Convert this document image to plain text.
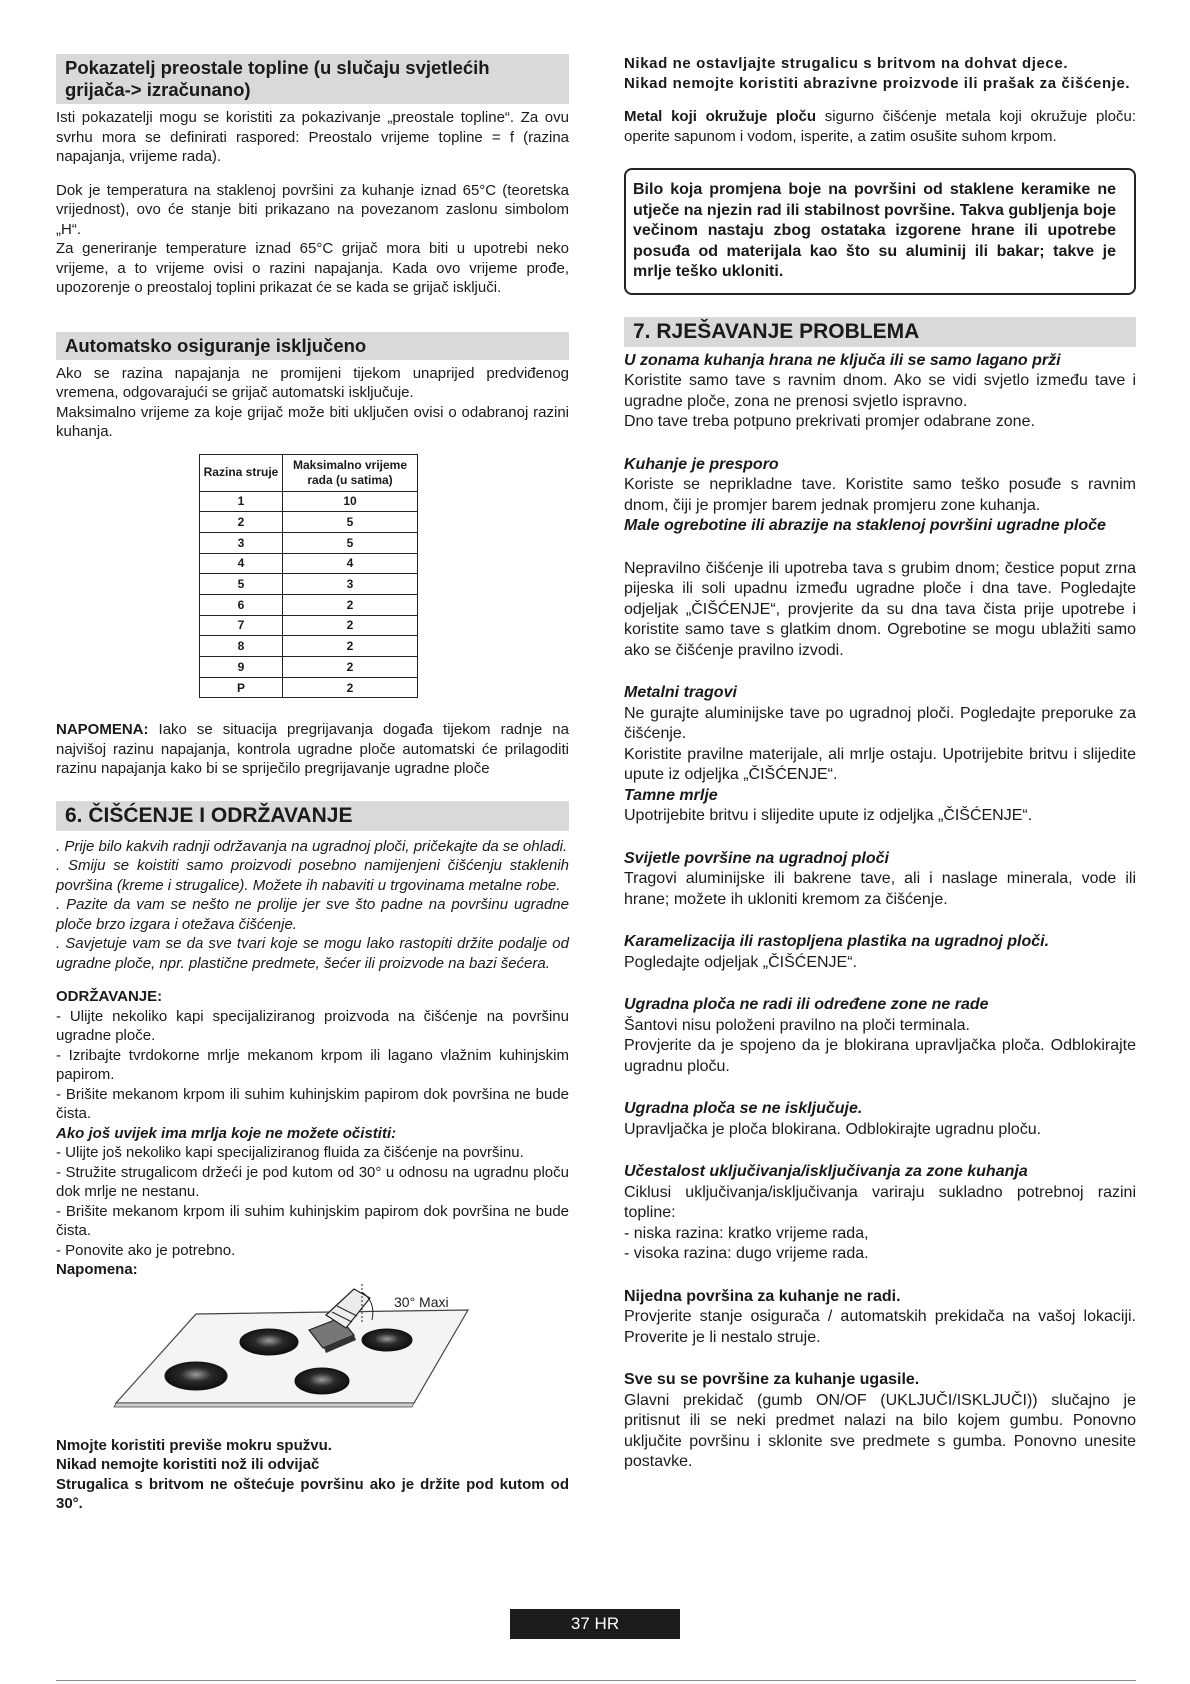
Pokazatelj preostale topline (u slučaju svjetlećih grijača-> izračunano)

Isti pokazatelji mogu se koristiti za pokazivanje „preostale topline“. Za ovu svrhu mora se definirati raspored: Preostalo vrijeme topline = f (razina napajanja, vrijeme rada).

Dok je temperatura na staklenoj površini za kuhanje iznad 65°C (teoretska vrijednost), ovo će stanje biti prikazano na povezanom zaslonu simbolom „H“.

Za generiranje temperature iznad 65°C grijač mora biti u upotrebi neko vrijeme, a to vrijeme ovisi o razini napajanja. Kada ovo vrijeme prođe, upozorenje o preostaloj toplini prikazat će se kada se grijač isključi.

Automatsko osiguranje isključeno

Ako se razina napajanja ne promijeni tijekom unaprijed predviđenog vremena, odgovarajući se grijač automatski isključuje.

Maksimalno vrijeme za koje grijač može biti uključen ovisi o odabranoj razini kuhanja.

Razina struje	Maksimalno vrijeme rada (u satima)
1	10
2	5
3	5
4	4
5	3
6	2
7	2
8	2
9	2
P	2

NAPOMENA: Iako se situacija pregrijavanja događa tijekom radnje na najvišoj razinu napajanja, kontrola ugradne ploče automatski će prilagoditi razinu napajanja kako bi se spriječilo pregrijavanje ugradne ploče

6. ČIŠĆENJE I ODRŽAVANJE
. Prije bilo kakvih radnji održavanja na ugradnoj ploči, pričekajte da se ohladi.
. Smiju se koistiti samo proizvodi posebno namijenjeni čišćenju staklenih površina (kreme i strugalice). Možete ih nabaviti u trgovinama metalne robe.
. Pazite da vam se nešto ne prolije jer sve što padne na površinu ugradne ploče brzo izgara i otežava čišćenje.
. Savjetuje vam se da sve tvari koje se mogu lako rastopiti držite podalje od ugradne ploče, npr. plastične predmete, šećer ili proizvode na bazi šećera.

ODRŽAVANJE:

- Ulijte nekoliko kapi specijaliziranog proizvoda na čišćenje na površinu ugradne ploče.
- Izribajte tvrdokorne mrlje mekanom krpom ili lagano vlažnim kuhinjskim papirom.
- Brišite mekanom krpom ili suhim kuhinjskim papirom dok površina ne bude čista.

Ako još uvijek ima mrlja koje ne možete očistiti:

- Ulijte još nekoliko kapi specijaliziranog fluida za čišćenje na površinu.
- Stružite strugalicom držeći je pod kutom od 30° u odnosu na ugradnu ploču dok mrlje ne nestanu.
- Brišite mekanom krpom ili suhim kuhinjskim papirom dok površina ne bude čista.
- Ponovite ako je potrebno.

Napomena:

30° Maxi

Nmojte koristiti previše mokru spužvu.

Nikad nemojte koristiti nož ili odvijač

Strugalica s britvom ne oštećuje površinu ako je držite pod kutom od 30°.

Nikad ne ostavljajte strugalicu s britvom na dohvat djece.

Nikad nemojte koristiti abrazivne proizvode ili prašak za čišćenje.

Metal koji okružuje ploču sigurno čišćenje metala koji okružuje ploču: operite sapunom i vodom, isperite, a zatim osušite suhom krpom.

Bilo koja promjena boje na površini od staklene keramike ne utječe na njezin rad ili stabilnost površine. Takva gubljenja boje večinom nastaju zbog ostataka izgorene hrane ili upotrebe posuđa od materijala kao što su aluminij ili bakar; takve je mrlje teško ukloniti.
7. RJEŠAVANJE PROBLEMA

U zonama kuhanja hrana ne ključa ili se samo lagano prži

Koristite samo tave s ravnim dnom. Ako se vidi svjetlo između tave i ugradne ploče, zona ne prenosi svjetlo ispravno.

Dno tave treba potpuno prekrivati promjer odabrane zone.

Kuhanje je presporo

Koriste se neprikladne tave. Koristite samo teško posuđe s ravnim dnom, čiji je promjer barem jednak promjeru zone kuhanja.

Male ogrebotine ili abrazije na staklenoj površini ugradne ploče

Nepravilno čišćenje ili upotreba tava s grubim dnom; čestice poput zrna pijeska ili soli upadnu između ugradne ploče i dna tave. Pogledajte odjeljak „ČIŠĆENJE“, provjerite da su dna tava čista prije upotrebe i koristite samo tave s glatkim dnom. Ogrebotine se mogu ublažiti samo ako se čišćenje pravilno izvodi.

Metalni tragovi

Ne gurajte aluminijske tave po ugradnoj ploči. Pogledajte preporuke za čišćenje.

Koristite pravilne materijale, ali mrlje ostaju. Upotrijebite britvu i slijedite upute iz odjeljka „ČIŠĆENJE“.

Tamne mrlje

Upotrijebite britvu i slijedite upute iz odjeljka „ČIŠĆENJE“.

Svijetle površine na ugradnoj ploči

Tragovi aluminijske ili bakrene tave, ali i naslage minerala, vode ili hrane; možete ih ukloniti kremom za čišćenje.

Karamelizacija ili rastopljena plastika na ugradnoj ploči.

Pogledajte odjeljak „ČIŠĆENJE“.

Ugradna ploča ne radi ili određene zone ne rade

Šantovi nisu položeni pravilno na ploči terminala.

Provjerite da je spojeno da je blokirana upravljačka ploča. Odblokirajte ugradnu ploču.

Ugradna ploča se ne isključuje.

Upravljačka je ploča blokirana. Odblokirajte ugradnu ploču.

Učestalost uključivanja/isključivanja za zone kuhanja

Ciklusi uključivanja/isključivanja variraju sukladno potrebnoj razini topline:

- niska razina: kratko vrijeme rada,

- visoka razina: dugo vrijeme rada.

Nijedna površina za kuhanje ne radi.

Provjerite stanje osigurača / automatskih prekidača na vašoj lokaciji. Proverite je li nestalo struje.

Sve su se površine za kuhanje ugasile.

Glavni prekidač (gumb ON/OF (UKLJUČI/ISKLJUČI)) slučajno je pritisnut ili se neki predmet nalazi na bilo kojem gumbu. Ponovno uključite površinu i sklonite sve predmete s gumba. Ponovno unesite postavke.

37 HR
